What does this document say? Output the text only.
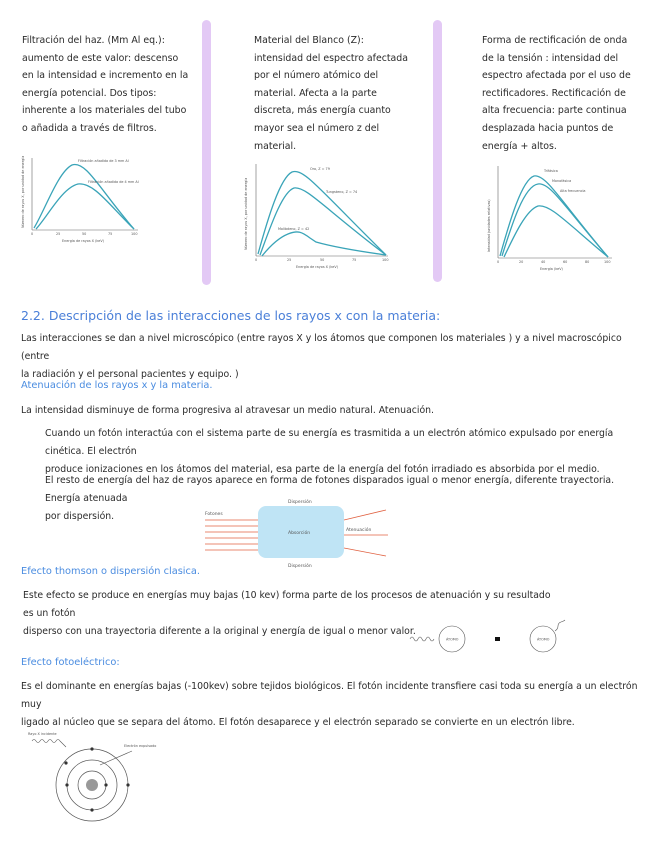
Filtración del haz. (Mm Al eq.):
aumento de este valor: descenso
en la intensidad e incremento en la
energía potencial. Dos tipos:
inherente a los materiales del tubo
o añadida a través de filtros.
Filtración añadida de 3 mm Al
Filtración añadida de 4 mm Al
Número de rayos X, por unidad de energía
Energía de rayos X (keV)
0	25	50	75	100
Material del Blanco (Z):
intensidad del espectro afectada
por el número atómico del
material. Afecta a la parte
discreta, más energía cuanto
mayor sea el número z del
material.
Oro, Z = 79
Tungsteno, Z = 74
Molibdeno, Z = 42
Número de rayos X, por unidad de energía
Energía de rayos X (keV)
0	25	50	75	100
Forma de rectificación de onda
de la tensión : intensidad del
espectro afectada por el uso de
rectificadores. Rectificación de
alta frecuencia: parte continua
desplazada hacia puntos de
energía + altos.
Trifásica
Monofásica
Alta frecuencia
Intensidad (unidades relativas)
Energía (keV)
0	20	40	60	80	100
2.2. Descripción de las interacciones de los rayos x con la materia:
Las interacciones se dan a nivel microscópico (entre rayos X y los átomos que componen los materiales ) y a nivel macroscópico (entre
la radiación y el personal pacientes y equipo. )
Atenuación de los rayos x y la materia.
La intensidad disminuye de forma progresiva al atravesar un medio natural. Atenuación.
Cuando un fotón interactúa con el sistema parte de su energía es trasmitida a un electrón atómico expulsado por energía cinética. El electrón
produce ionizaciones en los átomos del material, esa parte de la energía del fotón irradiado es absorbida por el medio.
El resto de energía del haz de rayos aparece en forma de fotones disparados igual o menor energía, diferente trayectoria. Energía atenuada
por dispersión.	Fotones
Absorción
Dispersión
Dispersión
Atenuación
Efecto thomson o dispersión clasica.
Este efecto se produce en energías muy bajas (10 kev) forma parte de los procesos de atenuación y su resultado es un fotón
disperso con una trayectoria diferente a la original y energía de igual o menor valor.
ÁTOMO	ÁTOMO
Efecto fotoeléctrico:
Es el dominante en energías bajas (-100kev) sobre tejidos biológicos. El fotón incidente transfiere casi toda su energía a un electrón muy
ligado al núcleo que se separa del átomo. El fotón desaparece y el electrón separado se convierte en un electrón libre.
Rayo X incidente
Electrón expulsado
